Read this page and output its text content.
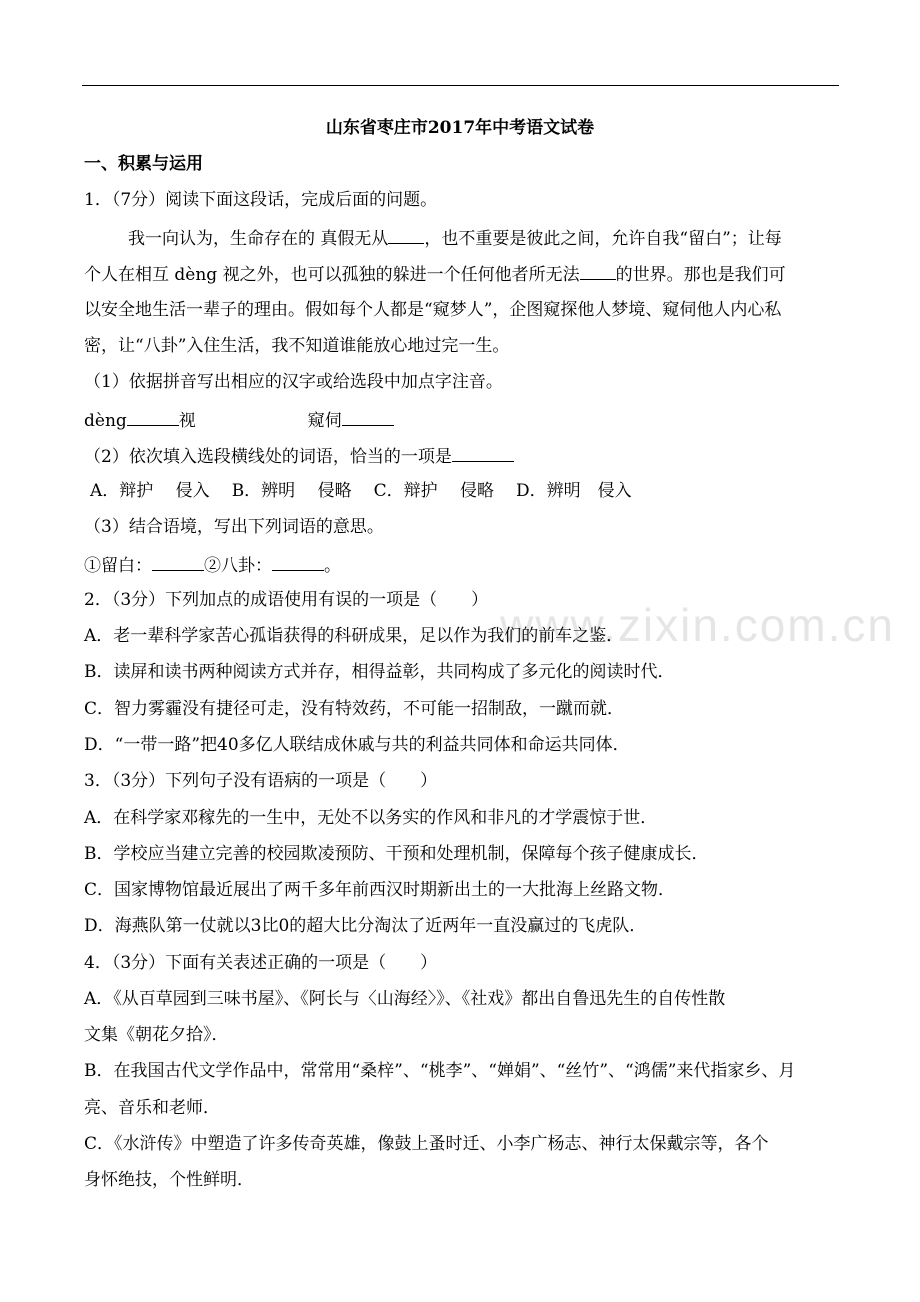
www.zixin.com.cn
山东省枣庄市2017年中考语文试卷
一、积累与运用
1．（7分）阅读下面这段话，完成后面的问题。
我一向认为，生命存在的 真假无从 ，也不重要是彼此之间，允许自我“留白”；让每
个人在相互 dèng 视之外，也可以孤独的躲进一个任何他者所无法 的世界。那也是我们可
以安全地生活一辈子的理由。假如每个人都是“窥梦人”，企图窥探他人梦境、窥伺他人内心私
密，让“八卦”入住生活，我不知道谁能放心地过完一生。
（1）依据拼音写出相应的汉字或给选段中加点字注音。
dèng	视	窥伺
（2）依次填入选段横线处的词语，恰当的一项是
A．辩护　 侵入 B．辨明　 侵略 C．辩护　 侵略 D．辨明　侵入
（3）结合语境，写出下列词语的意思。
①留白：	②八卦：	。
2．（3分）下列加点的成语使用有误的一项是（　　）
A．老一辈科学家苦心孤诣获得的科研成果，足以作为我们的前车之鉴．
B．读屏和读书两种阅读方式并存，相得益彰，共同构成了多元化的阅读时代．
C．智力雾霾没有捷径可走，没有特效药，不可能一招制敌，一蹴而就．
D．“一带一路”把40多亿人联结成休戚与共的利益共同体和命运共同体．
3．（3分）下列句子没有语病的一项是（　　）
A．在科学家邓稼先的一生中，无处不以务实的作风和非凡的才学震惊于世．
B．学校应当建立完善的校园欺凌预防、干预和处理机制，保障每个孩子健康成长．
C．国家博物馆最近展出了两千多年前西汉时期新出土的一大批海上丝路文物．
D．海燕队第一仗就以3比0的超大比分淘汰了近两年一直没赢过的飞虎队．
4．（3分）下面有关表述正确的一项是（　　）
A．《从百草园到三味书屋》、《阿长与〈山海经〉》、《社戏》都出自鲁迅先生的自传性散
文集《朝花夕拾》．
B．在我国古代文学作品中，常常用“桑梓”、“桃李”、“婵娟”、“丝竹”、“鸿儒”来代指家乡、月
亮、音乐和老师．
C．《水浒传》中塑造了许多传奇英雄，像鼓上蚤时迁、小李广杨志、神行太保戴宗等，各个
身怀绝技，个性鲜明．
